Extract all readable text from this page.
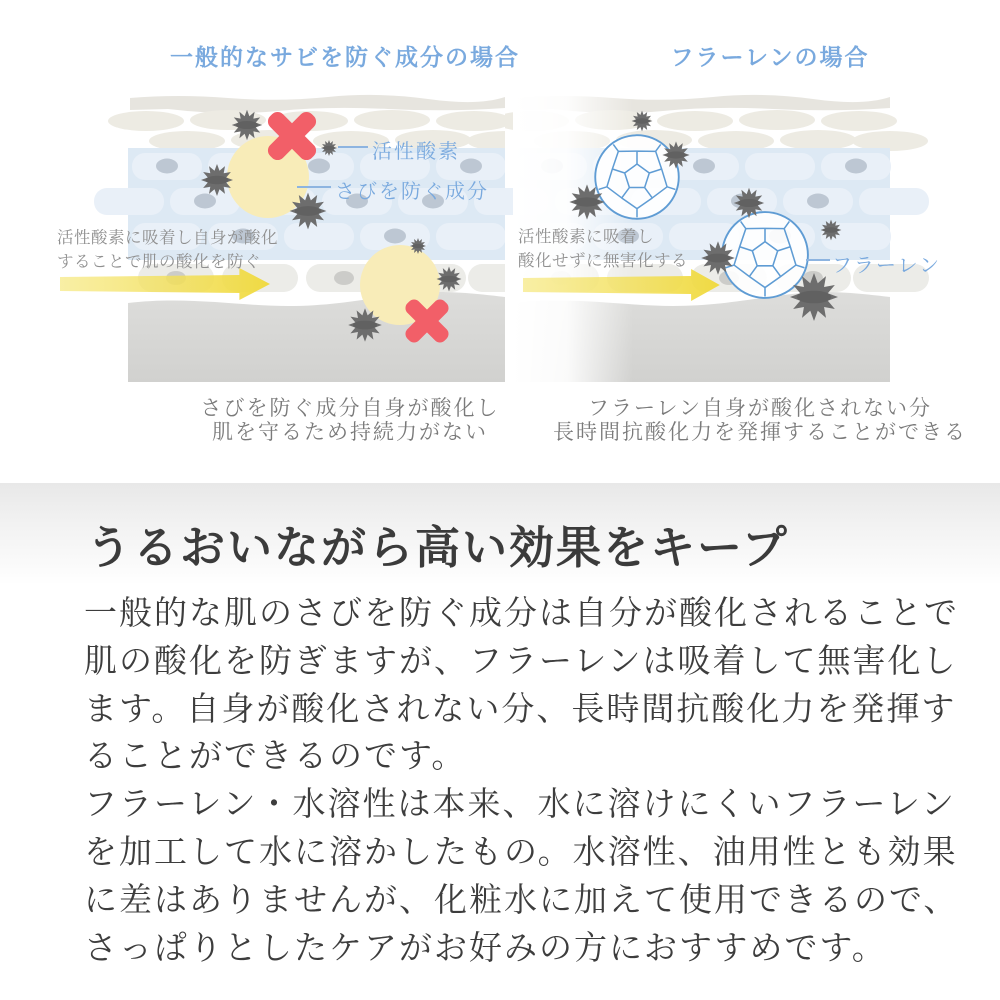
一般的なサビを防ぐ成分の場合	フラーレンの場合
活性酸素
さびを防ぐ成分
フラーレン
活性酸素に吸着し自身が酸化
することで肌の酸化を防ぐ
活性酸素に吸着し
酸化せずに無害化する
さびを防ぐ成分自身が酸化し
肌を守るため持続力がない
フラーレン自身が酸化されない分
長時間抗酸化力を発揮することができる
うるおいながら高い効果をキープ
一般的な肌のさびを防ぐ成分は自分が酸化されることで
肌の酸化を防ぎますが、フラーレンは吸着して無害化し
ます。自身が酸化されない分、長時間抗酸化力を発揮す
ることができるのです。
フラーレン・水溶性は本来、水に溶けにくいフラーレン
を加工して水に溶かしたもの。水溶性、油用性とも効果
に差はありませんが、化粧水に加えて使用できるので、
さっぱりとしたケアがお好みの方におすすめです。
